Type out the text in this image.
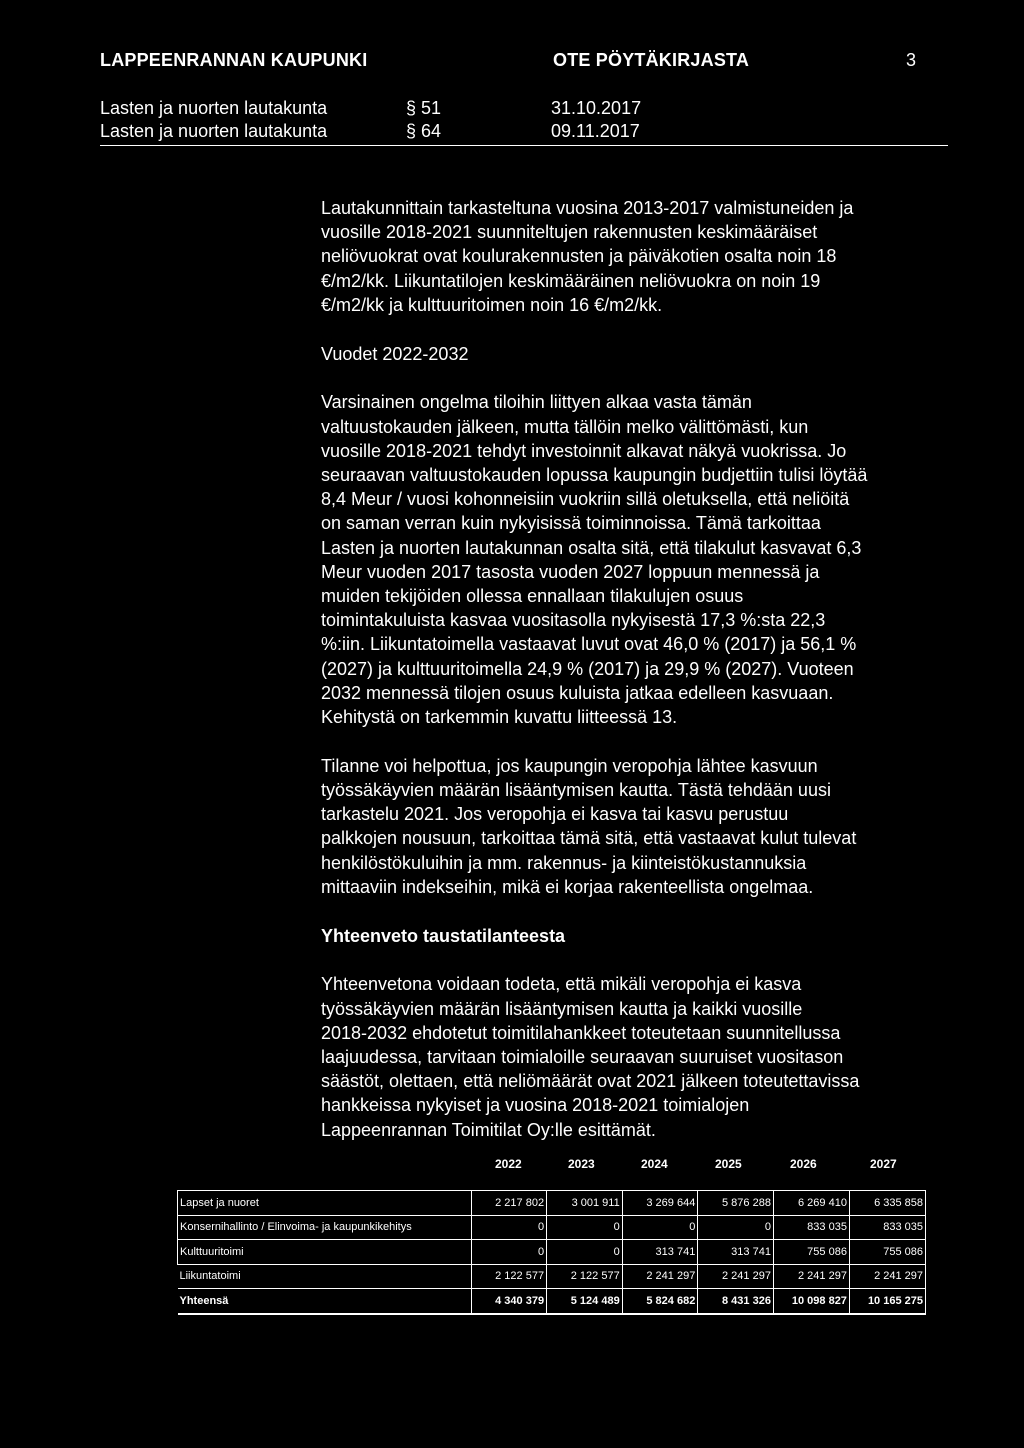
LAPPEENRANNAN KAUPUNKI	OTE PÖYTÄKIRJASTA	3
Lasten ja nuorten lautakunta	§ 51	31.10.2017
Lasten ja nuorten lautakunta	§ 64	09.11.2017

Lautakunnittain tarkasteltuna vuosina 2013-2017 valmistuneiden ja
vuosille 2018-2021 suunniteltujen rakennusten keskimääräiset
neliövuokrat ovat koulurakennusten ja päiväkotien osalta noin 18
€/m2/kk. Liikuntatilojen keskimääräinen neliövuokra on noin 19
€/m2/kk ja kulttuuritoimen noin 16 €/m2/kk.

Vuodet 2022-2032

Varsinainen ongelma tiloihin liittyen alkaa vasta tämän
valtuustokauden jälkeen, mutta tällöin melko välittömästi, kun
vuosille 2018-2021 tehdyt investoinnit alkavat näkyä vuokrissa. Jo
seuraavan valtuustokauden lopussa kaupungin budjettiin tulisi löytää
8,4 Meur / vuosi kohonneisiin vuokriin sillä oletuksella, että neliöitä
on saman verran kuin nykyisissä toiminnoissa. Tämä tarkoittaa
Lasten ja nuorten lautakunnan osalta sitä, että tilakulut kasvavat 6,3
Meur vuoden 2017 tasosta vuoden 2027 loppuun mennessä ja
muiden tekijöiden ollessa ennallaan tilakulujen osuus
toimintakuluista kasvaa vuositasolla nykyisestä 17,3 %:sta 22,3
%:iin. Liikuntatoimella vastaavat luvut ovat 46,0 % (2017) ja 56,1 %
(2027) ja kulttuuritoimella 24,9 % (2017) ja 29,9 % (2027). Vuoteen
2032 mennessä tilojen osuus kuluista jatkaa edelleen kasvuaan.
Kehitystä on tarkemmin kuvattu liitteessä 13.

Tilanne voi helpottua, jos kaupungin veropohja lähtee kasvuun
työssäkäyvien määrän lisääntymisen kautta. Tästä tehdään uusi
tarkastelu 2021. Jos veropohja ei kasva tai kasvu perustuu
palkkojen nousuun, tarkoittaa tämä sitä, että vastaavat kulut tulevat
henkilöstökuluihin ja mm. rakennus- ja kiinteistökustannuksia
mittaaviin indekseihin, mikä ei korjaa rakenteellista ongelmaa.

Yhteenveto taustatilanteesta

Yhteenvetona voidaan todeta, että mikäli veropohja ei kasva
työssäkäyvien määrän lisääntymisen kautta ja kaikki vuosille
2018-2032 ehdotetut toimitilahankkeet toteutetaan suunnitellussa
laajuudessa, tarvitaan toimialoille seuraavan suuruiset vuositason
säästöt, olettaen, että neliömäärät ovat 2021 jälkeen toteutettavissa
hankkeissa nykyiset ja vuosina 2018-2021 toimialojen
Lappeenrannan Toimitilat Oy:lle esittämät.

2022	2023	2024	2025	2026	2027
Lapset ja nuoret	2 217 802	3 001 911	3 269 644	5 876 288	6 269 410	6 335 858
Konsernihallinto / Elinvoima- ja kaupunkikehitys	0	0	0	0	833 035	833 035
Kulttuuritoimi	0	0	313 741	313 741	755 086	755 086
Liikuntatoimi	2 122 577	2 122 577	2 241 297	2 241 297	2 241 297	2 241 297
Yhteensä	4 340 379	5 124 489	5 824 682	8 431 326	10 098 827	10 165 275
